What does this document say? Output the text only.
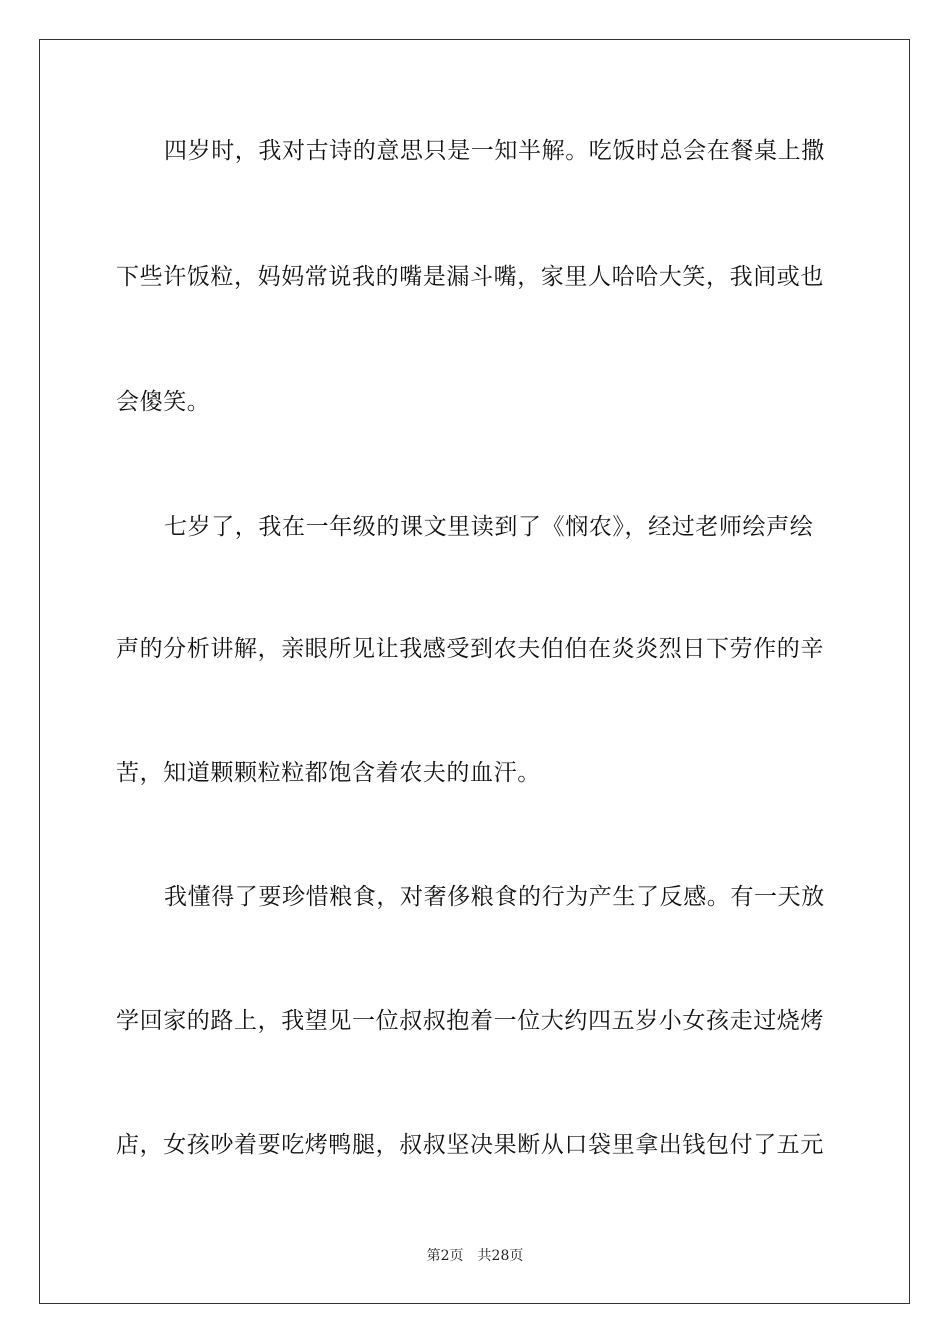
四岁时，我对古诗的意思只是一知半解。吃饭时总会在餐桌上撒
下些许饭粒，妈妈常说我的嘴是漏斗嘴，家里人哈哈大笑，我间或也
会傻笑。
七岁了，我在一年级的课文里读到了《悯农》，经过老师绘声绘
声的分析讲解，亲眼所见让我感受到农夫伯伯在炎炎烈日下劳作的辛
苦，知道颗颗粒粒都饱含着农夫的血汗。
我懂得了要珍惜粮食，对奢侈粮食的行为产生了反感。有一天放
学回家的路上，我望见一位叔叔抱着一位大约四五岁小女孩走过烧烤
店，女孩吵着要吃烤鸭腿，叔叔坚决果断从口袋里拿出钱包付了五元
第2页 共28页
